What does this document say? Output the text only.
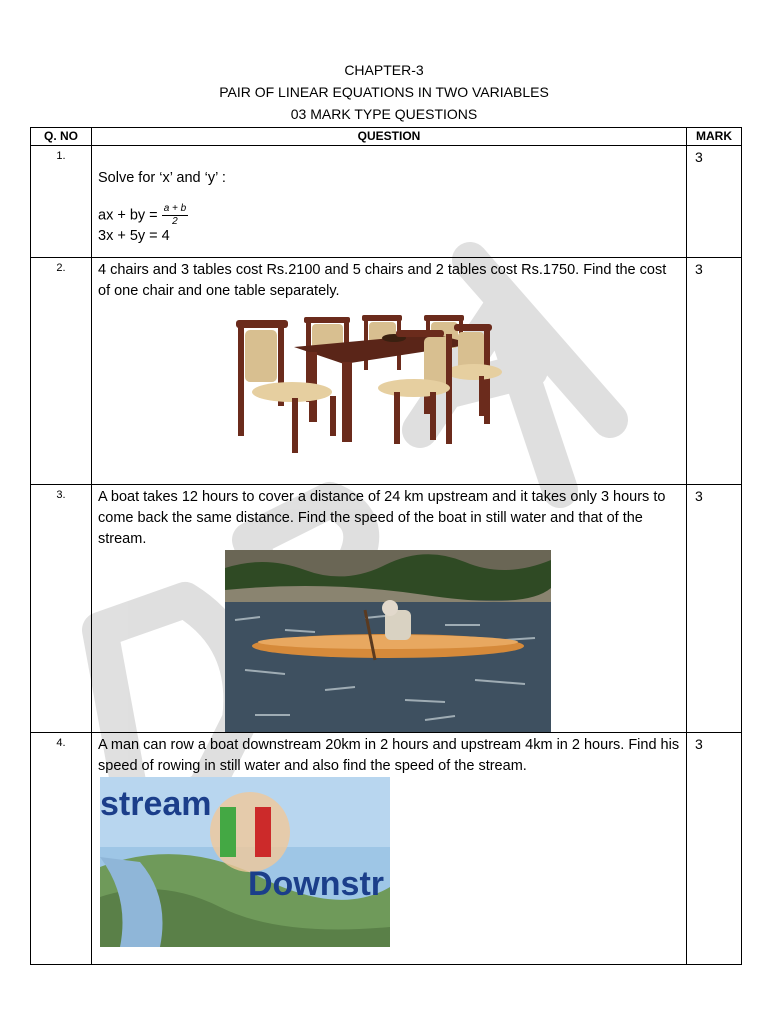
CHAPTER-3
PAIR OF LINEAR EQUATIONS IN TWO VARIABLES
03 MARK TYPE QUESTIONS
Q. NO	QUESTION	MARK
1.	Solve for ‘x’ and ‘y’ :
ax + by = $\frac{a + b}{2}$
3x + 5y = 4	3
2.	4 chairs and 3 tables cost Rs.2100 and 5 chairs and 2 tables cost Rs.1750. Find the cost of one chair and one table separately.	3
3.	A boat takes 12 hours to cover a distance of 24 km upstream and it takes only 3 hours to come back the same distance. Find the speed of the boat in still water and that of the stream.	3
4.	A man can row a boat downstream 20km in 2 hours and upstream 4km in 2 hours. Find his speed of rowing in still water and also find the speed of the stream.
stream
Downstr	3
